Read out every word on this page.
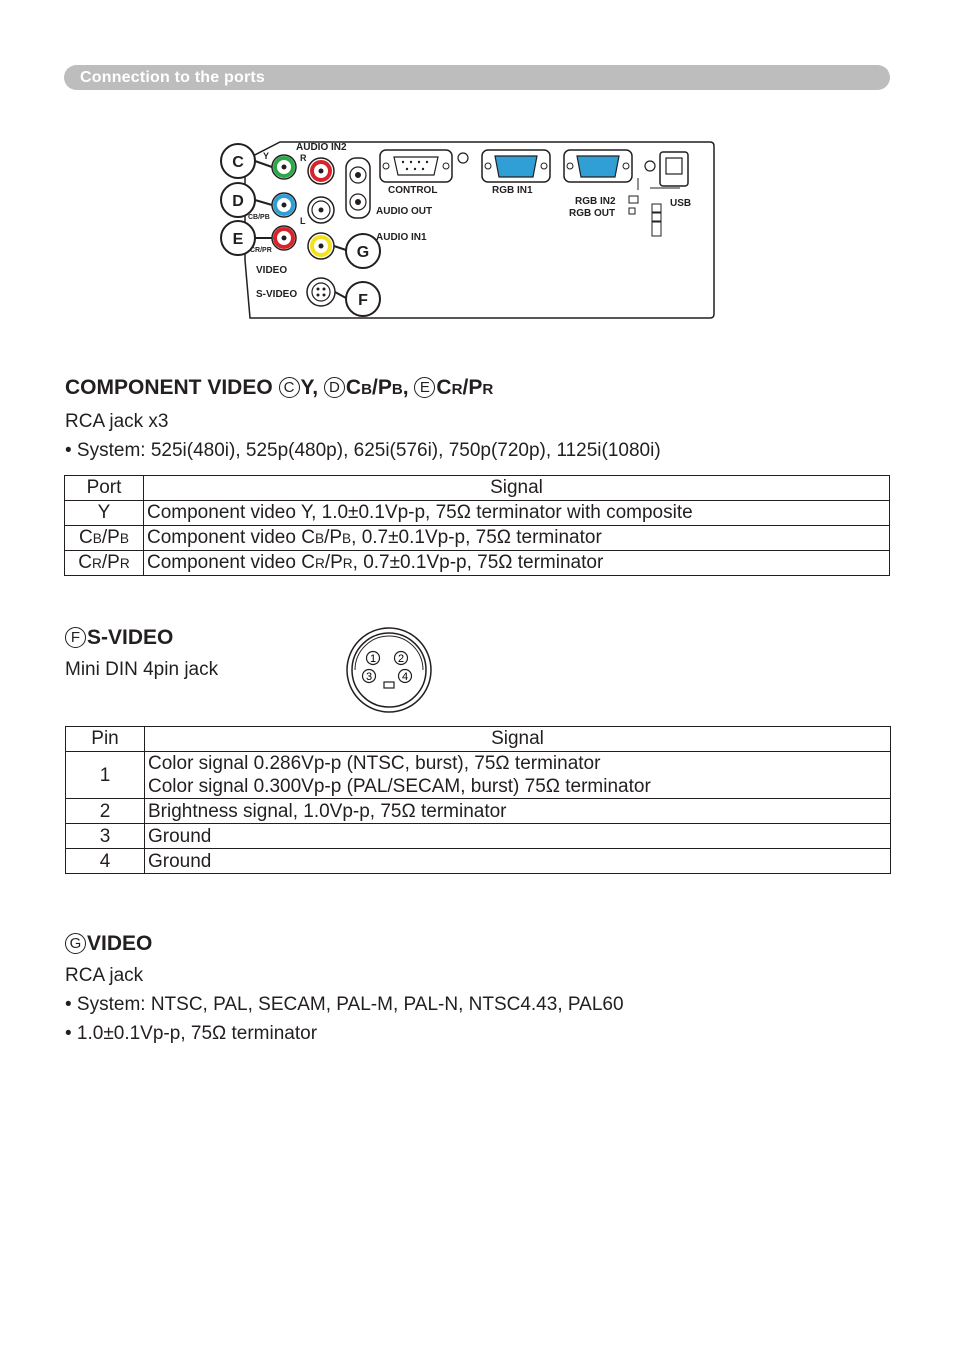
Connection to the ports
AUDIO IN2
R
Y
CB/PB
CR/PR
L
VIDEO
S-VIDEO
CONTROL	RGB IN1
RGB IN2
RGB OUT
USB
AUDIO OUT
AUDIO IN1
C
D
E
G
F
COMPONENT VIDEO C Y, D CB/PB, E CR/PR

RCA jack x3

• System: 525i(480i), 525p(480p), 625i(576i), 750p(720p), 1125i(1080i)

Port	Signal
Y	Component video Y, 1.0±0.1Vp-p, 75Ω terminator with composite
CB/PB	Component video CB/PB, 0.7±0.1Vp-p, 75Ω terminator
CR/PR	Component video CR/PR, 0.7±0.1Vp-p, 75Ω terminator
F S-VIDEO

Mini DIN 4pin jack	1 2
3	4
Pin	Signal
1	Color signal 0.286Vp-p (NTSC, burst), 75Ω terminator
Color signal 0.300Vp-p (PAL/SECAM, burst) 75Ω terminator

2	Brightness signal, 1.0Vp-p, 75Ω terminator
3	Ground
4	Ground
G VIDEO

RCA jack

• System: NTSC, PAL, SECAM, PAL-M, PAL-N, NTSC4.43, PAL60

• 1.0±0.1Vp-p, 75Ω terminator
